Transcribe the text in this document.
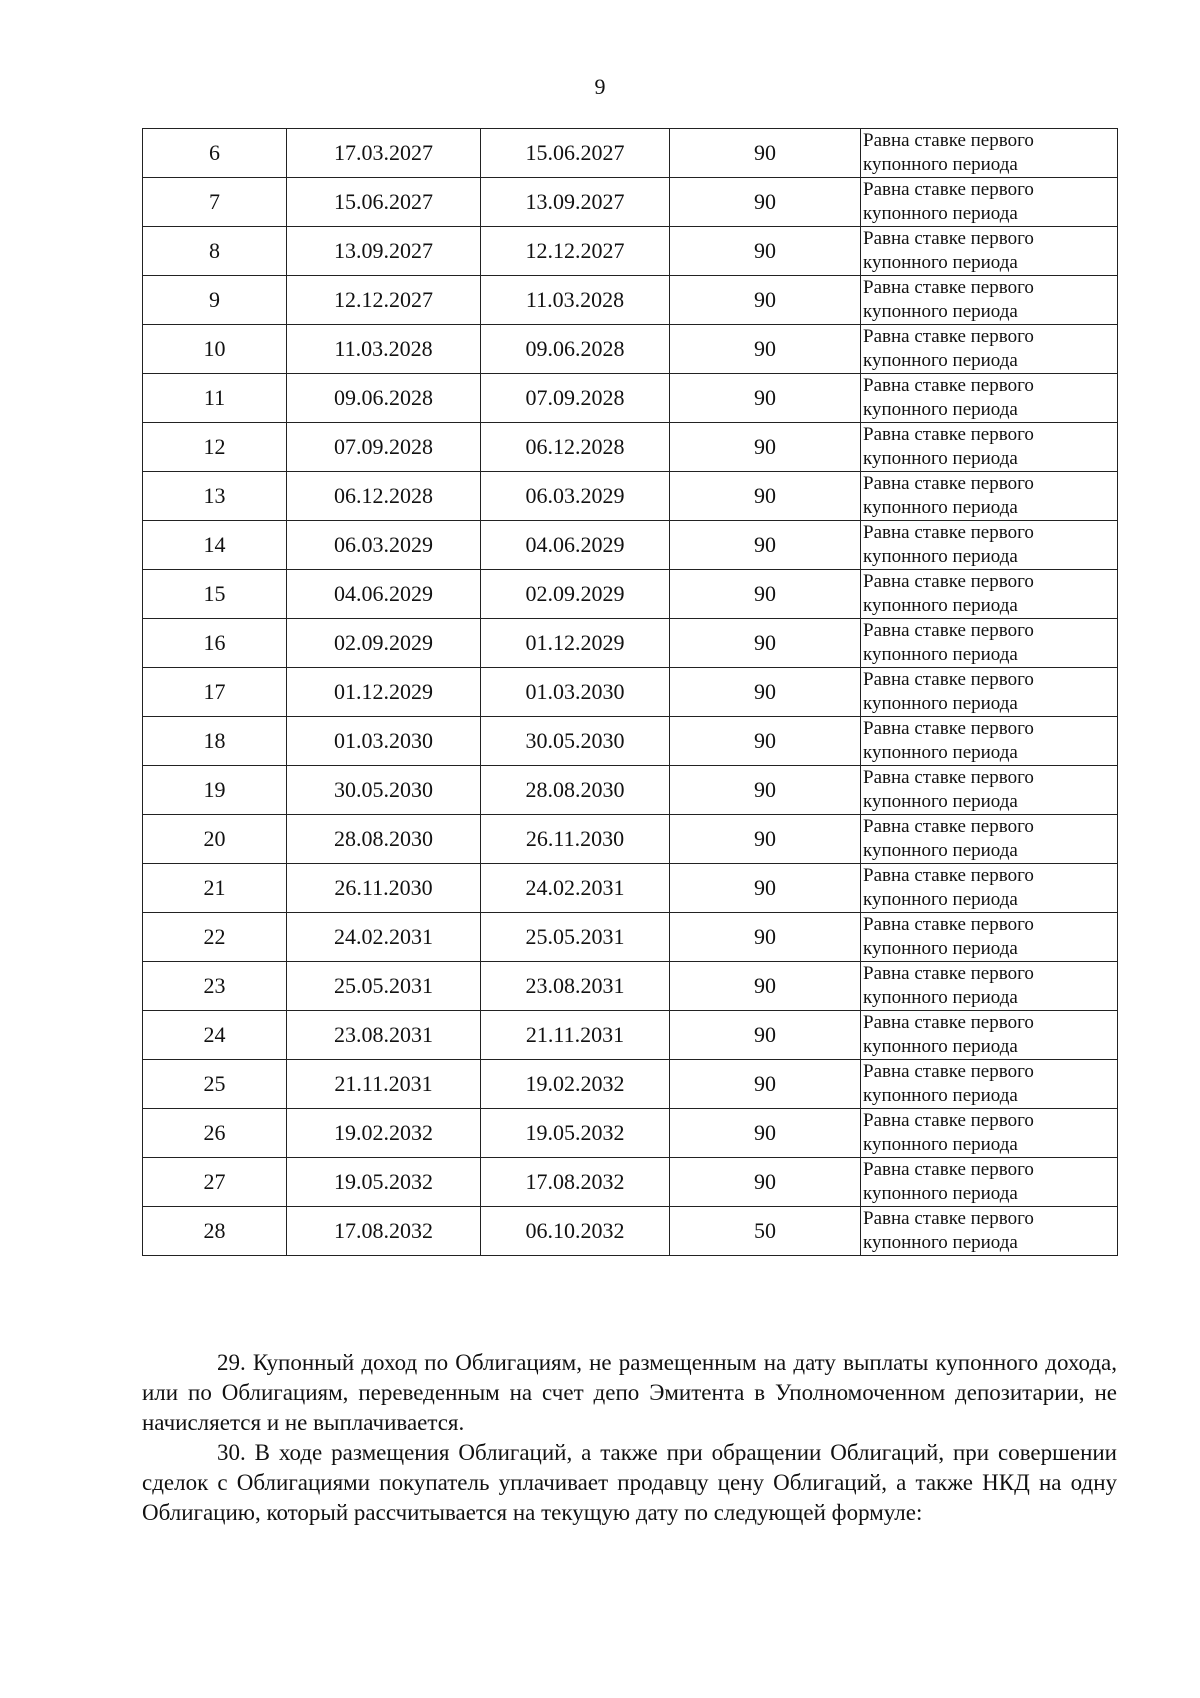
9
6	17.03.2027	15.06.2027	90	Равна ставке первого
купонного периода

7	15.06.2027	13.09.2027	90	Равна ставке первого
купонного периода

8	13.09.2027	12.12.2027	90	Равна ставке первого
купонного периода

9	12.12.2027	11.03.2028	90	Равна ставке первого
купонного периода

10	11.03.2028	09.06.2028	90	Равна ставке первого
купонного периода

11	09.06.2028	07.09.2028	90	Равна ставке первого
купонного периода

12	07.09.2028	06.12.2028	90	Равна ставке первого
купонного периода

13	06.12.2028	06.03.2029	90	Равна ставке первого
купонного периода

14	06.03.2029	04.06.2029	90	Равна ставке первого
купонного периода

15	04.06.2029	02.09.2029	90	Равна ставке первого
купонного периода

16	02.09.2029	01.12.2029	90	Равна ставке первого
купонного периода

17	01.12.2029	01.03.2030	90	Равна ставке первого
купонного периода

18	01.03.2030	30.05.2030	90	Равна ставке первого
купонного периода

19	30.05.2030	28.08.2030	90	Равна ставке первого
купонного периода

20	28.08.2030	26.11.2030	90	Равна ставке первого
купонного периода

21	26.11.2030	24.02.2031	90	Равна ставке первого
купонного периода

22	24.02.2031	25.05.2031	90	Равна ставке первого
купонного периода

23	25.05.2031	23.08.2031	90	Равна ставке первого
купонного периода

24	23.08.2031	21.11.2031	90	Равна ставке первого
купонного периода

25	21.11.2031	19.02.2032	90	Равна ставке первого
купонного периода

26	19.02.2032	19.05.2032	90	Равна ставке первого
купонного периода

27	19.05.2032	17.08.2032	90	Равна ставке первого
купонного периода

28	17.08.2032	06.10.2032	50	Равна ставке первого
купонного периода

29. Купонный доход по Облигациям, не размещенным на дату выплаты купонного дохода, или по Облигациям, переведенным на счет депо Эмитента в Уполномоченном депозитарии, не начисляется и не выплачивается.

30. В ходе размещения Облигаций, а также при обращении Облигаций, при совершении сделок с Облигациями покупатель уплачивает продавцу цену Облигаций, а также НКД на одну Облигацию, который рассчитывается на текущую дату по следующей формуле:
